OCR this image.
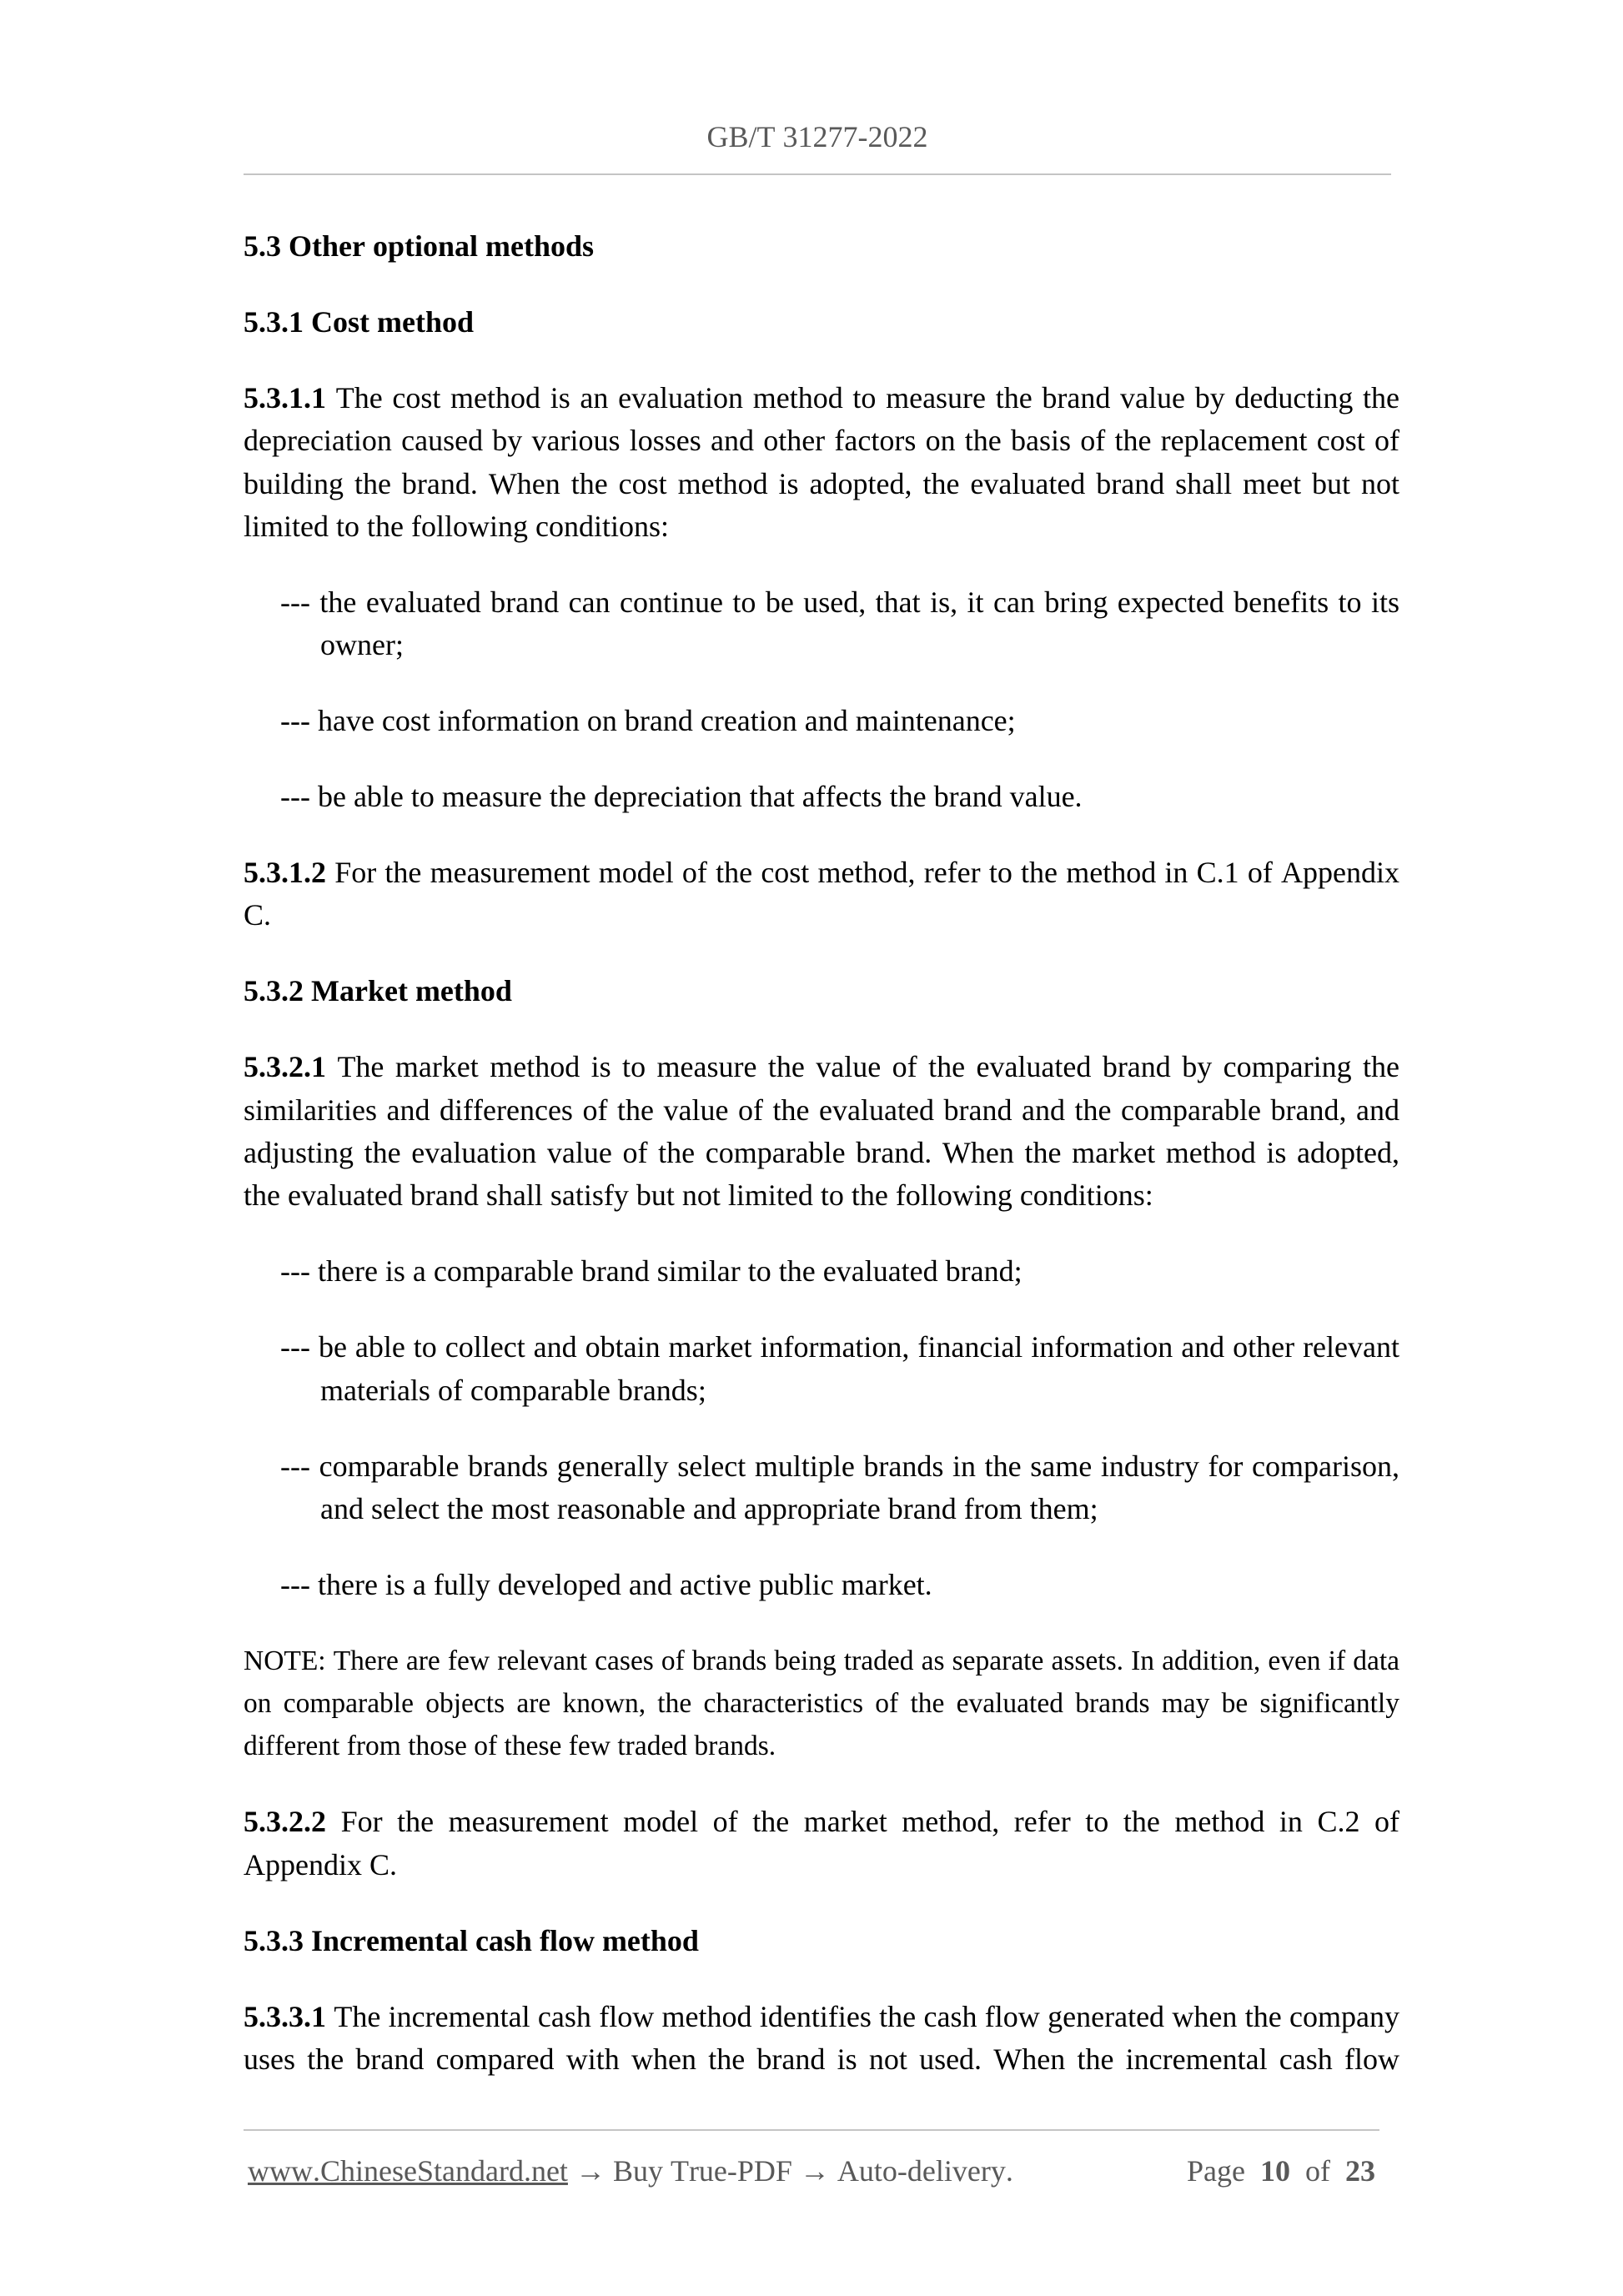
GB/T 31277-2022
5.3 Other optional methods
5.3.1 Cost method
5.3.1.1 The cost method is an evaluation method to measure the brand value by deducting the depreciation caused by various losses and other factors on the basis of the replacement cost of building the brand. When the cost method is adopted, the evaluated brand shall meet but not limited to the following conditions:
--- the evaluated brand can continue to be used, that is, it can bring expected benefits to its owner;
--- have cost information on brand creation and maintenance;
--- be able to measure the depreciation that affects the brand value.
5.3.1.2 For the measurement model of the cost method, refer to the method in C.1 of Appendix C.
5.3.2 Market method
5.3.2.1 The market method is to measure the value of the evaluated brand by comparing the similarities and differences of the value of the evaluated brand and the comparable brand, and adjusting the evaluation value of the comparable brand. When the market method is adopted, the evaluated brand shall satisfy but not limited to the following conditions:
--- there is a comparable brand similar to the evaluated brand;
--- be able to collect and obtain market information, financial information and other relevant materials of comparable brands;
--- comparable brands generally select multiple brands in the same industry for comparison, and select the most reasonable and appropriate brand from them;
--- there is a fully developed and active public market.
NOTE: There are few relevant cases of brands being traded as separate assets. In addition, even if data on comparable objects are known, the characteristics of the evaluated brands may be significantly different from those of these few traded brands.
5.3.2.2 For the measurement model of the market method, refer to the method in C.2 of Appendix C.
5.3.3 Incremental cash flow method
5.3.3.1 The incremental cash flow method identifies the cash flow generated when the company uses the brand compared with when the brand is not used. When the incremental cash flow
www.ChineseStandard.net → Buy True-PDF → Auto-delivery.	Page 10 of 23
